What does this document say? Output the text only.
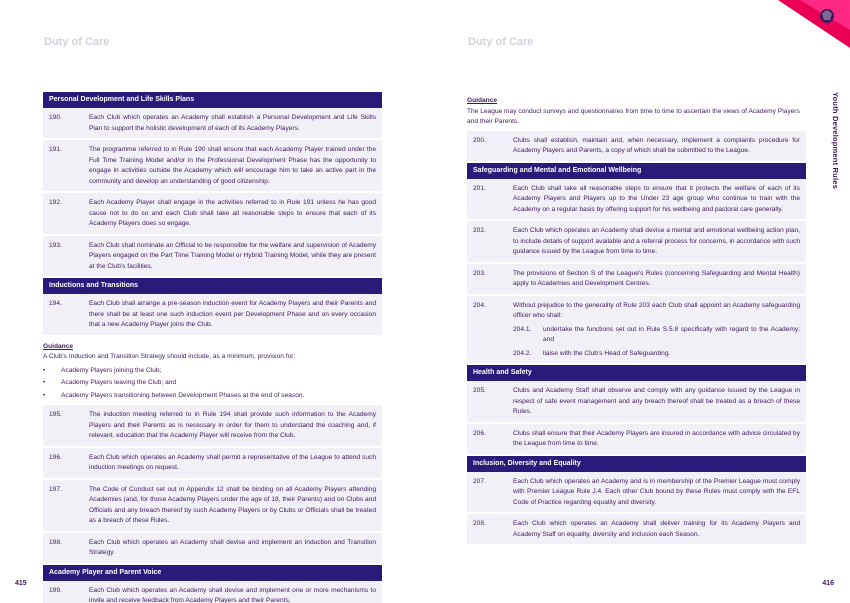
Duty of Care	Duty of Care
Youth Development Rules
Personal Development and Life Skills Plans
190.	Each Club which operates an Academy shall establish a Personal Development and Life Skills Plan to support the holistic development of each of its Academy Players.
191.	The programme referred to in Rule 190 shall ensure that each Academy Player trained under the Full Time Training Model and/or in the Professional Development Phase has the opportunity to engage in activities outside the Academy which will encourage him to take an active part in the community and develop an understanding of good citizenship.
192.	Each Academy Player shall engage in the activities referred to in Rule 191 unless he has good cause not to do so and each Club shall take all reasonable steps to ensure that each of its Academy Players does so engage.
193.	Each Club shall nominate an Official to be responsible for the welfare and supervision of Academy Players engaged on the Part Time Training Model or Hybrid Training Model, while they are present at the Club's facilities.
Inductions and Transitions
194.	Each Club shall arrange a pre-season induction event for Academy Players and their Parents and there shall be at least one such induction event per Development Phase and on every occasion that a new Academy Player joins the Club.
Guidance
A Club's Induction and Transition Strategy should include, as a minimum, provision for:
•	Academy Players joining the Club;
•	Academy Players leaving the Club; and
•	Academy Players transitioning between Development Phases at the end of season.
195.	The induction meeting referred to in Rule 194 shall provide such information to the Academy Players and their Parents as is necessary in order for them to understand the coaching and, if relevant, education that the Academy Player will receive from the Club.
196.	Each Club which operates an Academy shall permit a representative of the League to attend such induction meetings on request.
197.	The Code of Conduct set out in Appendix 12 shall be binding on all Academy Players attending Academies (and, for those Academy Players under the age of 18, their Parents) and on Clubs and Officials and any breach thereof by such Academy Players or by Clubs or Officials shall be treated as a breach of these Rules.
198.	Each Club which operates an Academy shall devise and implement an Induction and Transition Strategy.
Academy Player and Parent Voice
199.	Each Club which operates an Academy shall devise and implement one or more mechanisms to invite and receive feedback from Academy Players and their Parents.
Guidance
The League may conduct surveys and questionnaires from time to time to ascertain the views of Academy Players and their Parents.
200.	Clubs shall establish, maintain and, when necessary, implement a complaints procedure for Academy Players and Parents, a copy of which shall be submitted to the League.
Safeguarding and Mental and Emotional Wellbeing
201.	Each Club shall take all reasonable steps to ensure that it protects the welfare of each of its Academy Players and Players up to the Under 23 age group who continue to train with the Academy on a regular basis by offering support for his wellbeing and pastoral care generally.
202.	Each Club which operates an Academy shall devise a mental and emotional wellbeing action plan, to include details of support available and a referral process for concerns, in accordance with such guidance issued by the League from time to time.
203.	The provisions of Section S of the League's Rules (concerning Safeguarding and Mental Health) apply to Academies and Development Centres.
204.	Without prejudice to the generality of Rule 203 each Club shall appoint an Academy safeguarding officer who shall:
204.1.	undertake the functions set out in Rule S.5.8 specifically with regard to the Academy; and
204.2.	liaise with the Club's Head of Safeguarding.
Health and Safety
205.	Clubs and Academy Staff shall observe and comply with any guidance issued by the League in respect of safe event management and any breach thereof shall be treated as a breach of these Rules.
206.	Clubs shall ensure that their Academy Players are insured in accordance with advice circulated by the League from time to time.
Inclusion, Diversity and Equality
207.	Each Club which operates an Academy and is in membership of the Premier League must comply with Premier League Rule J.4. Each other Club bound by these Rules must comply with the EFL Code of Practice regarding equality and diversity.
208.	Each Club which operates an Academy shall deliver training for its Academy Players and Academy Staff on equality, diversity and inclusion each Season.
415	416
